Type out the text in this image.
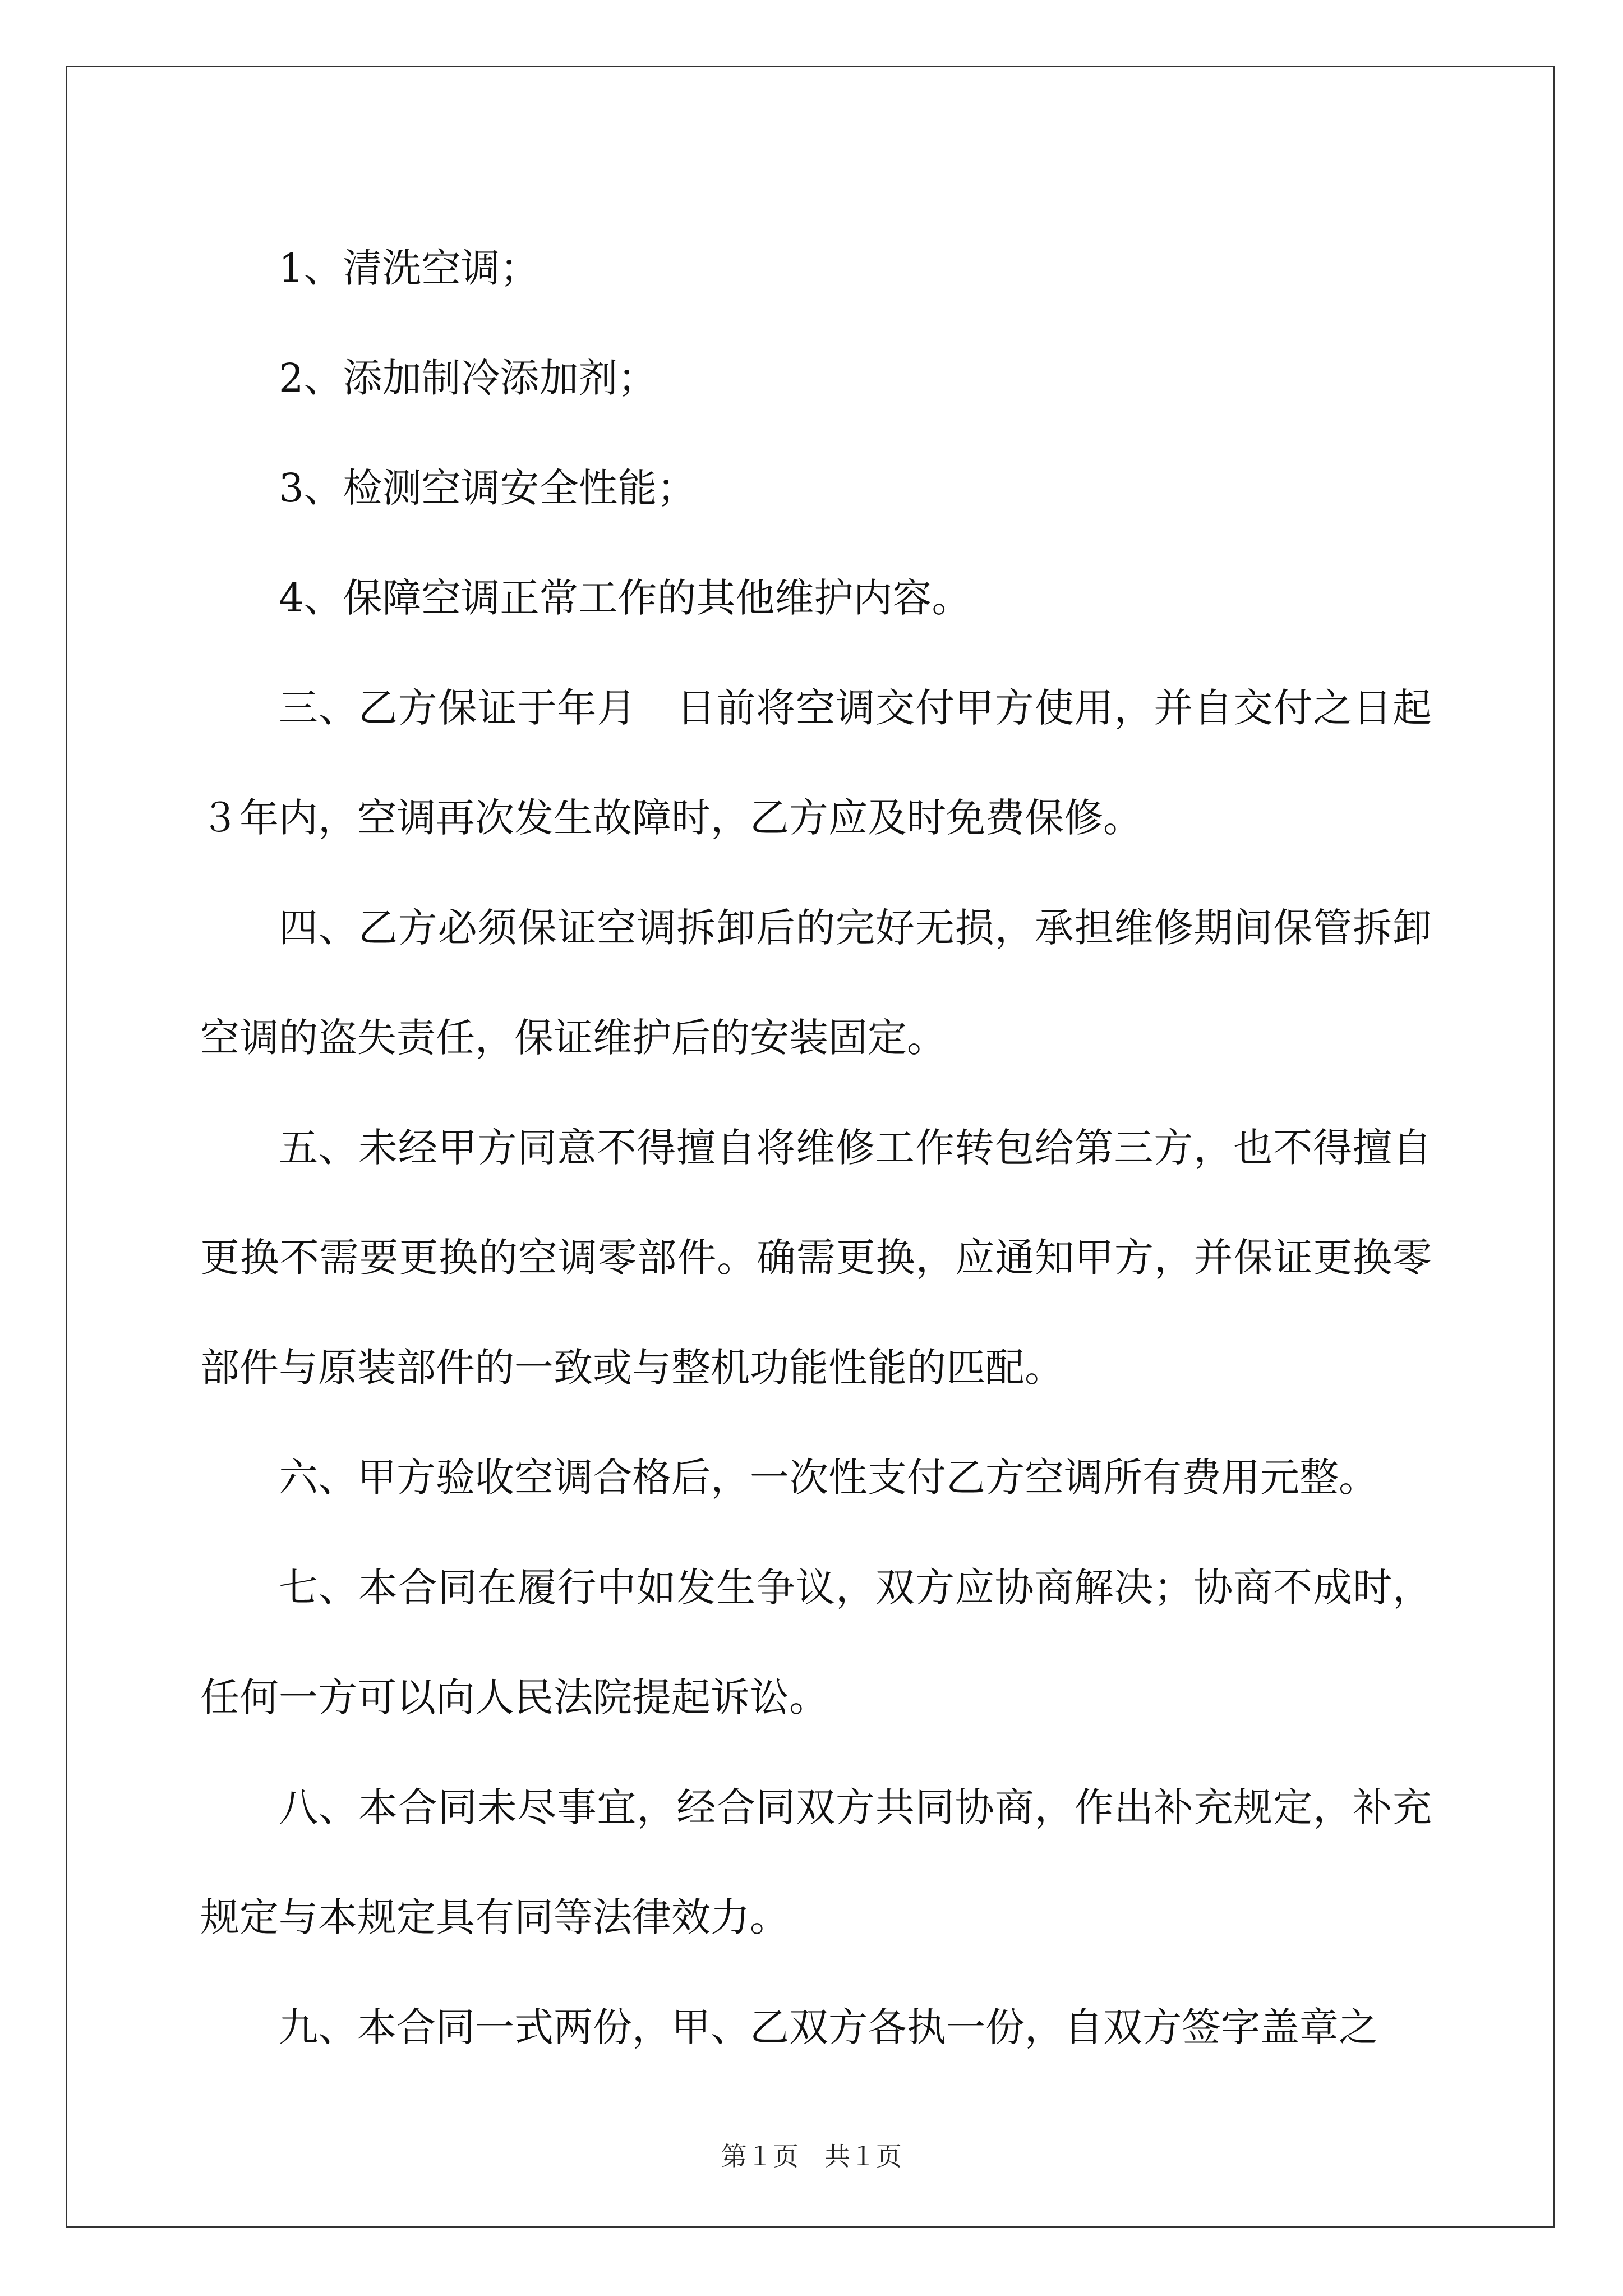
1、清洗空调；

2、添加制冷添加剂；

3、检测空调安全性能；

4、保障空调正常工作的其他维护内容。

三、乙方保证于年月　日前将空调交付甲方使用，并自交付之日起３年内，空调再次发生故障时，乙方应及时免费保修。

四、乙方必须保证空调拆卸后的完好无损，承担维修期间保管拆卸空调的盗失责任，保证维护后的安装固定。

五、未经甲方同意不得擅自将维修工作转包给第三方，也不得擅自更换不需要更换的空调零部件。确需更换，应通知甲方，并保证更换零部件与原装部件的一致或与整机功能性能的匹配。

六、甲方验收空调合格后，一次性支付乙方空调所有费用元整。

七、本合同在履行中如发生争议，双方应协商解决；协商不成时，任何一方可以向人民法院提起诉讼。

八、本合同未尽事宜，经合同双方共同协商，作出补充规定，补充规定与本规定具有同等法律效力。

九、本合同一式两份，甲、乙双方各执一份，自双方签字盖章之

第１页　共１页
